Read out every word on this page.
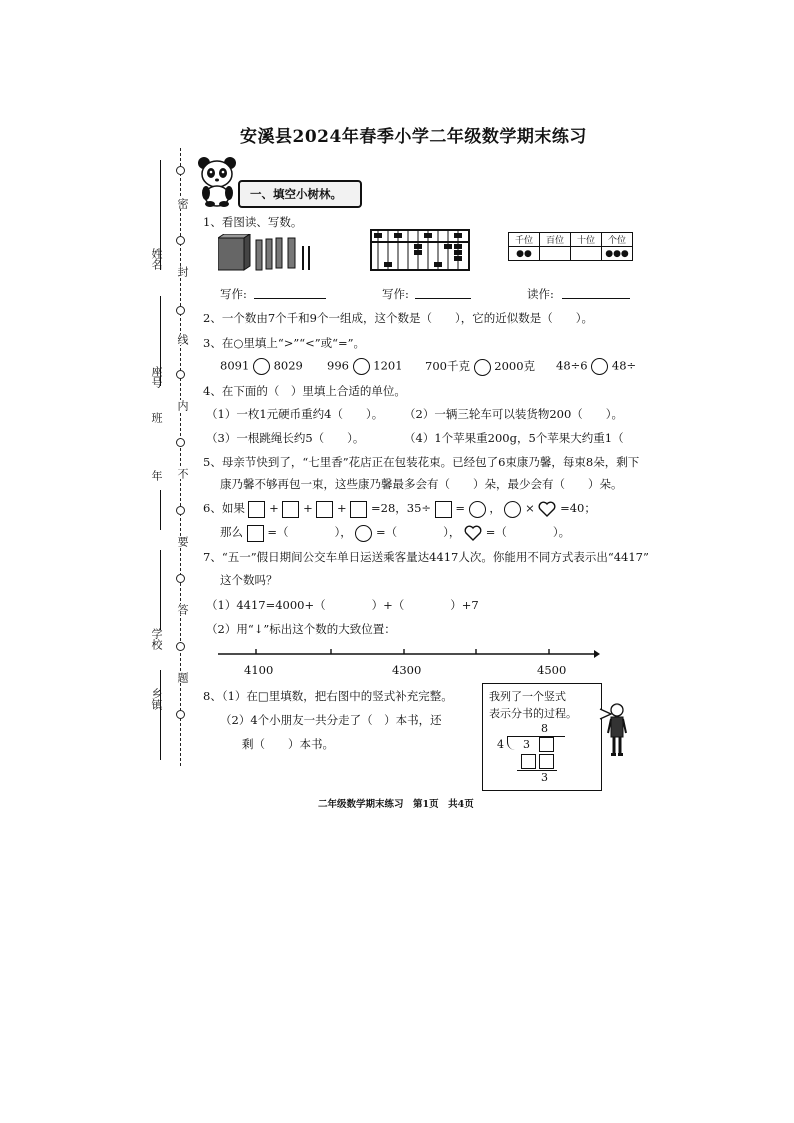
安溪县2024年春季小学二年级数学期末练习
密
封
线
内
不
要
答
题
姓名
座号
年
班
学校
乡镇
一、填空小树林。
1、看图读、写数。
千位	百位	十位	个位
●●			●●●
写作:	写作:	读作:
2、一个数由7个千和9个一组成，这个数是（　　），它的近似数是（　　）。
3、在○里填上“>”“<”或“=”。
8091 8029 996 1201 700千克 2000克 48÷6 48÷
4、在下面的（　）里填上合适的单位。
（1）一枚1元硬币重约4（　　）。 （2）一辆三轮车可以装货物200（　　）。
（3）一根跳绳长约5（　　）。	（4）1个苹果重200g，5个苹果大约重1（
5、母亲节快到了，“七里香”花店正在包装花束。已经包了6束康乃馨，每束8朵，剩下
康乃馨不够再包一束，这些康乃馨最多会有（　　）朵，最少会有（　　）朵。
6、如果 + + + =28，35÷ = ， × =40；
那么 =（　　　　）， =（　　　　）， =（　　　　）。
7、“五一”假日期间公交车单日运送乘客量达4417人次。你能用不同方式表示出“4417”
这个数吗？
（1）4417=4000+（　　　　）+（　　　　）+7
（2）用“↓”标出这个数的大致位置：
4100	4300	4500
8、（1）在□里填数，把右图中的竖式补充完整。
（2）4个小朋友一共分走了（　）本书，还
剩（　　）本书。
我列了一个竖式
表示分书的过程。
8
4 3
3
二年级数学期末练习　第1页　共4页
